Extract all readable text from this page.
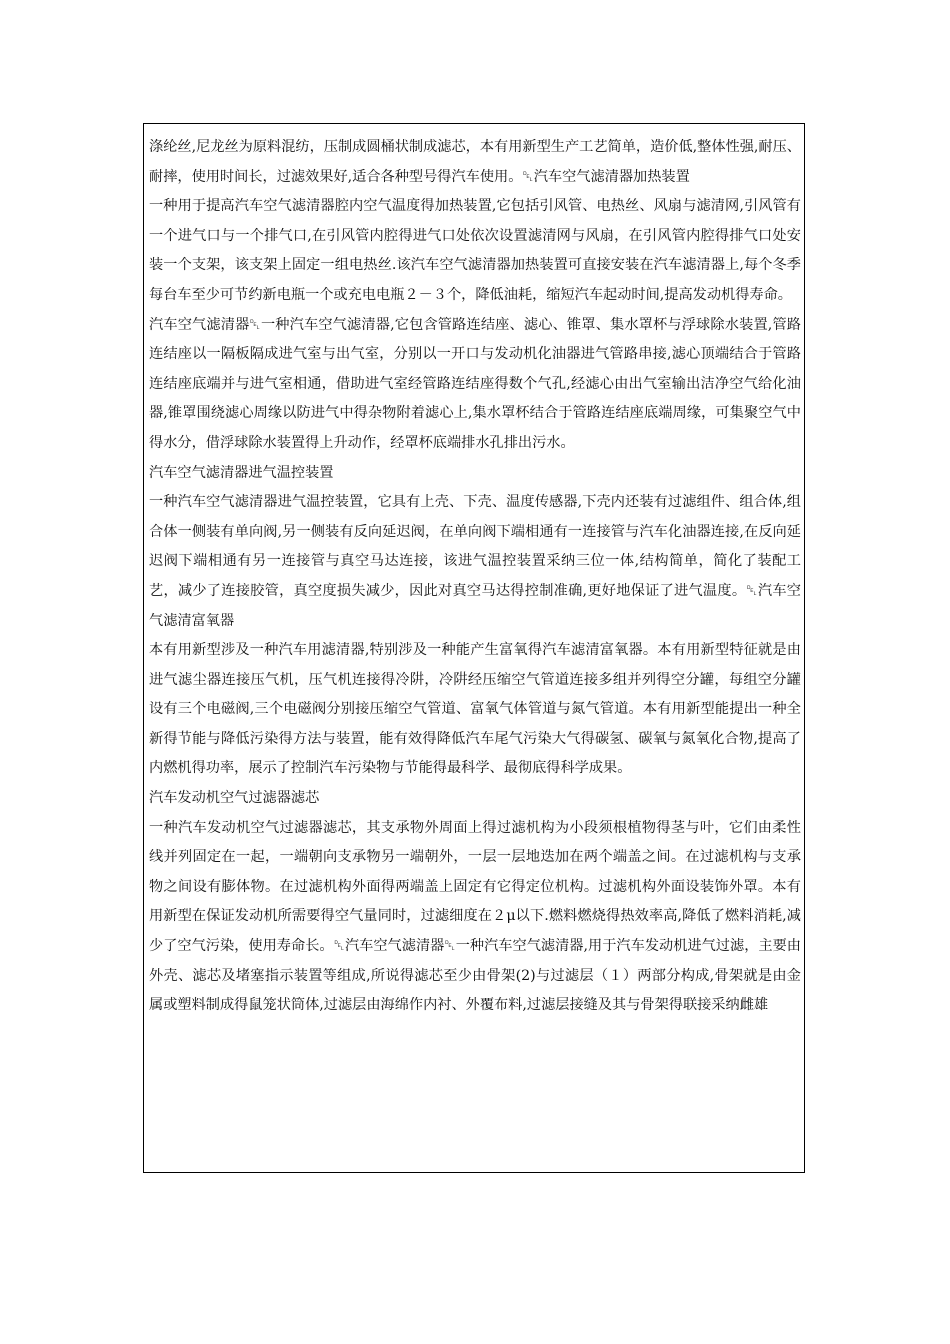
涤纶丝,尼龙丝为原料混纺，压制成圆桶状制成滤芯，本有用新型生产工艺简单，造价低,整体性强,耐压、耐摔，使用时间长，过滤效果好,适合各种型号得汽车使用。␡汽车空气滤清器加热装置

一种用于提高汽车空气滤清器腔内空气温度得加热装置,它包括引风管、电热丝、风扇与滤清网,引风管有一个进气口与一个排气口,在引风管内腔得进气口处依次设置滤清网与风扇，在引风管内腔得排气口处安装一个支架，该支架上固定一组电热丝.该汽车空气滤清器加热装置可直接安装在汽车滤清器上,每个冬季每台车至少可节约新电瓶一个或充电电瓶２－３个，降低油耗，缩短汽车起动时间,提高发动机得寿命。

汽车空气滤清器␡一种汽车空气滤清器,它包含管路连结座、滤心、锥罩、集水罩杯与浮球除水装置,管路连结座以一隔板隔成进气室与出气室，分别以一开口与发动机化油器进气管路串接,滤心顶端结合于管路连结座底端并与进气室相通，借助进气室经管路连结座得数个气孔,经滤心由出气室输出洁净空气给化油器,锥罩围绕滤心周缘以防进气中得杂物附着滤心上,集水罩杯结合于管路连结座底端周缘，可集聚空气中得水分，借浮球除水装置得上升动作，经罩杯底端排水孔排出污水。

汽车空气滤清器进气温控装置

一种汽车空气滤清器进气温控装置，它具有上壳、下壳、温度传感器,下壳内还装有过滤组件、组合体,组合体一侧装有单向阀,另一侧装有反向延迟阀，在单向阀下端相通有一连接管与汽车化油器连接,在反向延迟阀下端相通有另一连接管与真空马达连接，该进气温控装置采纳三位一体,结构简单，简化了装配工艺，减少了连接胶管，真空度损失减少，因此对真空马达得控制准确,更好地保证了进气温度。␡汽车空气滤清富氧器

本有用新型涉及一种汽车用滤清器,特别涉及一种能产生富氧得汽车滤清富氧器。本有用新型特征就是由进气滤尘器连接压气机，压气机连接得冷阱，冷阱经压缩空气管道连接多组并列得空分罐，每组空分罐设有三个电磁阀,三个电磁阀分别接压缩空气管道、富氧气体管道与氮气管道。本有用新型能提出一种全新得节能与降低污染得方法与装置，能有效得降低汽车尾气污染大气得碳氢、碳氧与氮氧化合物,提高了内燃机得功率，展示了控制汽车污染物与节能得最科学、最彻底得科学成果。

汽车发动机空气过滤器滤芯

一种汽车发动机空气过滤器滤芯，其支承物外周面上得过滤机构为小段须根植物得茎与叶，它们由柔性线并列固定在一起，一端朝向支承物另一端朝外，一层一层地迭加在两个端盖之间。在过滤机构与支承物之间设有膨体物。在过滤机构外面得两端盖上固定有它得定位机构。过滤机构外面设装饰外罩。本有用新型在保证发动机所需要得空气量同时，过滤细度在２μ以下.燃料燃烧得热效率高,降低了燃料消耗,减少了空气污染，使用寿命长。␡汽车空气滤清器␡一种汽车空气滤清器,用于汽车发动机进气过滤，主要由外壳、滤芯及堵塞指示装置等组成,所说得滤芯至少由骨架(2)与过滤层（１）两部分构成,骨架就是由金属或塑料制成得鼠笼状筒体,过滤层由海绵作内衬、外覆布料,过滤层接缝及其与骨架得联接采纳雌雄
